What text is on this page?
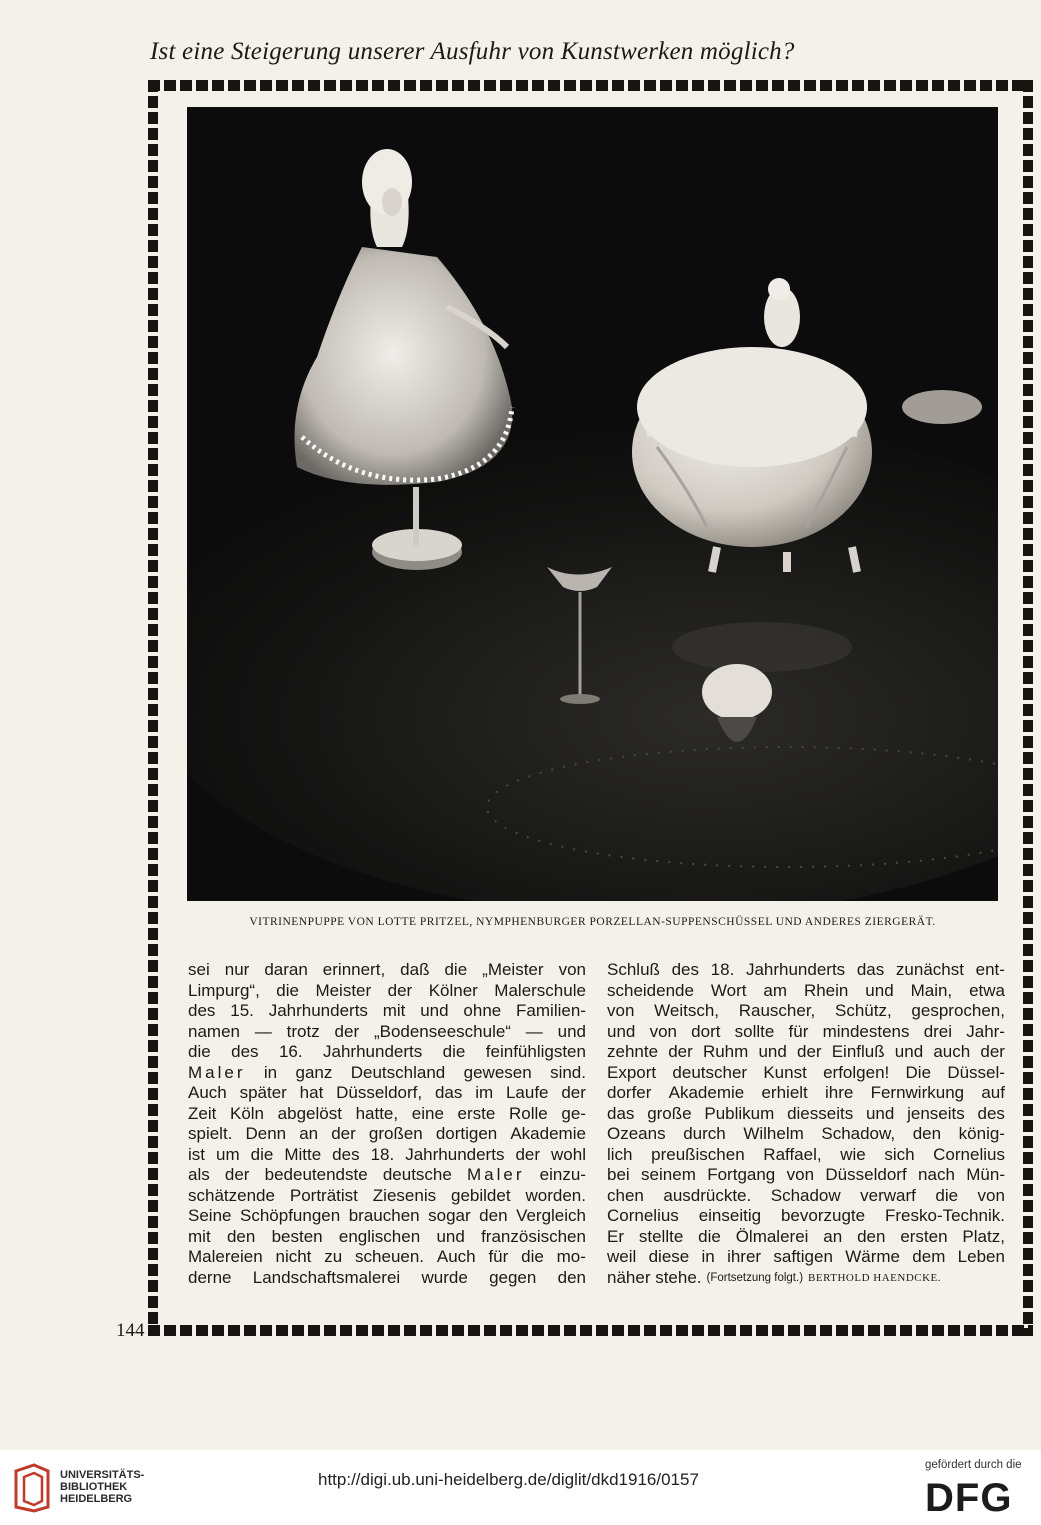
Ist eine Steigerung unserer Ausfuhr von Kunstwerken möglich?
VITRINENPUPPE VON LOTTE PRITZEL, NYMPHENBURGER PORZELLAN-SUPPENSCHÜSSEL UND ANDERES ZIERGERÄT.
sei nur daran erinnert, daß die „Meister von
Limpurg“, die Meister der Kölner Malerschule
des 15. Jahrhunderts mit und ohne Familien-
namen — trotz der „Bodenseeschule“ — und
die des 16. Jahrhunderts die feinfühligsten
Maler in ganz Deutschland gewesen sind.
Auch später hat Düsseldorf, das im Laufe der
Zeit Köln abgelöst hatte, eine erste Rolle ge-
spielt. Denn an der großen dortigen Akademie
ist um die Mitte des 18. Jahrhunderts der wohl
als der bedeutendste deutsche Maler einzu-
schätzende Porträtist Ziesenis gebildet worden.
Seine Schöpfungen brauchen sogar den Vergleich
mit den besten englischen und französischen
Malereien nicht zu scheuen. Auch für die mo-
derne Landschaftsmalerei wurde gegen den
Schluß des 18. Jahrhunderts das zunächst ent-
scheidende Wort am Rhein und Main, etwa
von Weitsch, Rauscher, Schütz, gesprochen,
und von dort sollte für mindestens drei Jahr-
zehnte der Ruhm und der Einfluß und auch der
Export deutscher Kunst erfolgen! Die Düssel-
dorfer Akademie erhielt ihre Fernwirkung auf
das große Publikum diesseits und jenseits des
Ozeans durch Wilhelm Schadow, den könig-
lich preußischen Raffael, wie sich Cornelius
bei seinem Fortgang von Düsseldorf nach Mün-
chen ausdrückte. Schadow verwarf die von
Cornelius einseitig bevorzugte Fresko-Technik.
Er stellte die Ölmalerei an den ersten Platz,
weil diese in ihrer saftigen Wärme dem Leben
näher stehe. (Fortsetzung folgt.) BERTHOLD HAENDCKE.
144
UNIVERSITÄTS-
BIBLIOTHEK
HEIDELBERG
http://digi.ub.uni-heidelberg.de/diglit/dkd1916/0157
gefördert durch die
DFG
